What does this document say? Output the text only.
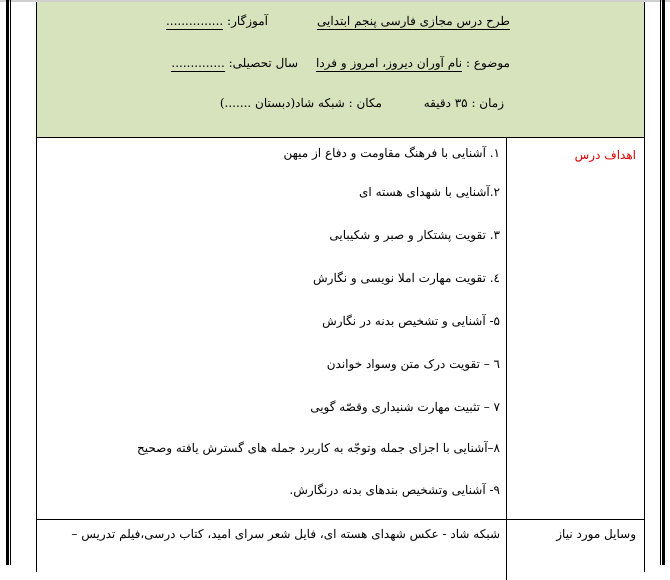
طرح درس مجازی فارسی پنجم ابتدایی
آموزگار: ...............
موضوع : نام آوران دیروز، امروز و فردا
سال تحصیلی: ..............
زمان : ۳۵ دقیقه
مکان : شبکه شاد(دبستان .......)
اهداف درس
۱. آشنایی با فرهنگ مقاومت و دفاع از میهن
۲.آشنایی با شهدای هسته ای
۳. تقویت پشتکار و صبر و شکیبایی
٤. تقویت مهارت املا نویسی و نگارش
۵- آشنایی و تشخیص بدنه در نگارش
٦ – تقویت درک متن وسواد خواندن
۷ – تثبیت مهارت شنیداری وقصّه گویی
۸–آشنایی با اجزای جمله وتوجّه به کاربرد جمله های گسترش یافته وصحیح
۹- آشنایی وتشخیص بندهای بدنه درنگارش.
وسایل مورد نیاز
شبکه شاد - عکس شهدای هسته ای، فایل شعر سرای امید، کتاب درسی،فیلم تدریس –
